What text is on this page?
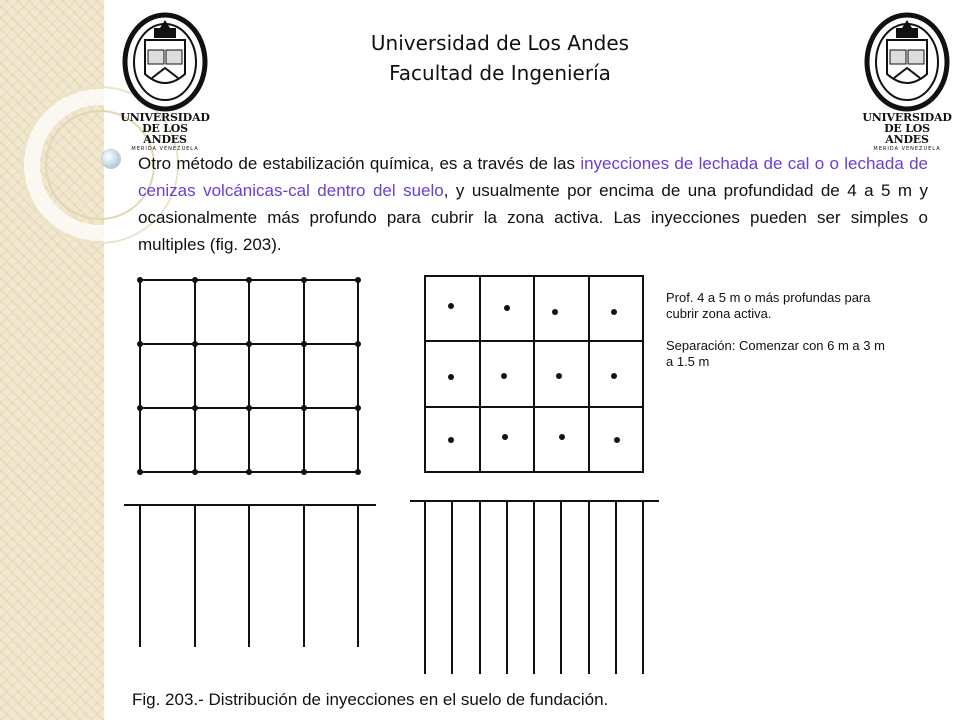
UNIVERSIDAD
DE LOS ANDES
MERIDA VENEZUELA
UNIVERSIDAD
DE LOS ANDES
MERIDA VENEZUELA
Universidad de Los Andes
Facultad de Ingeniería
Otro método de estabilización química, es a través de las inyecciones de lechada de cal o o lechada de cenizas volcánicas-cal dentro del suelo, y usualmente por encima de una profundidad de 4 a 5 m y ocasionalmente más profundo para cubrir la zona activa. Las inyecciones pueden ser simples o multiples (fig. 203).

Prof. 4 a 5 m o más profundas para

cubrir zona activa.

Separación: Comenzar con 6 m a 3 m

a 1.5 m

Fig. 203.- Distribución de inyecciones en el suelo de fundación.
